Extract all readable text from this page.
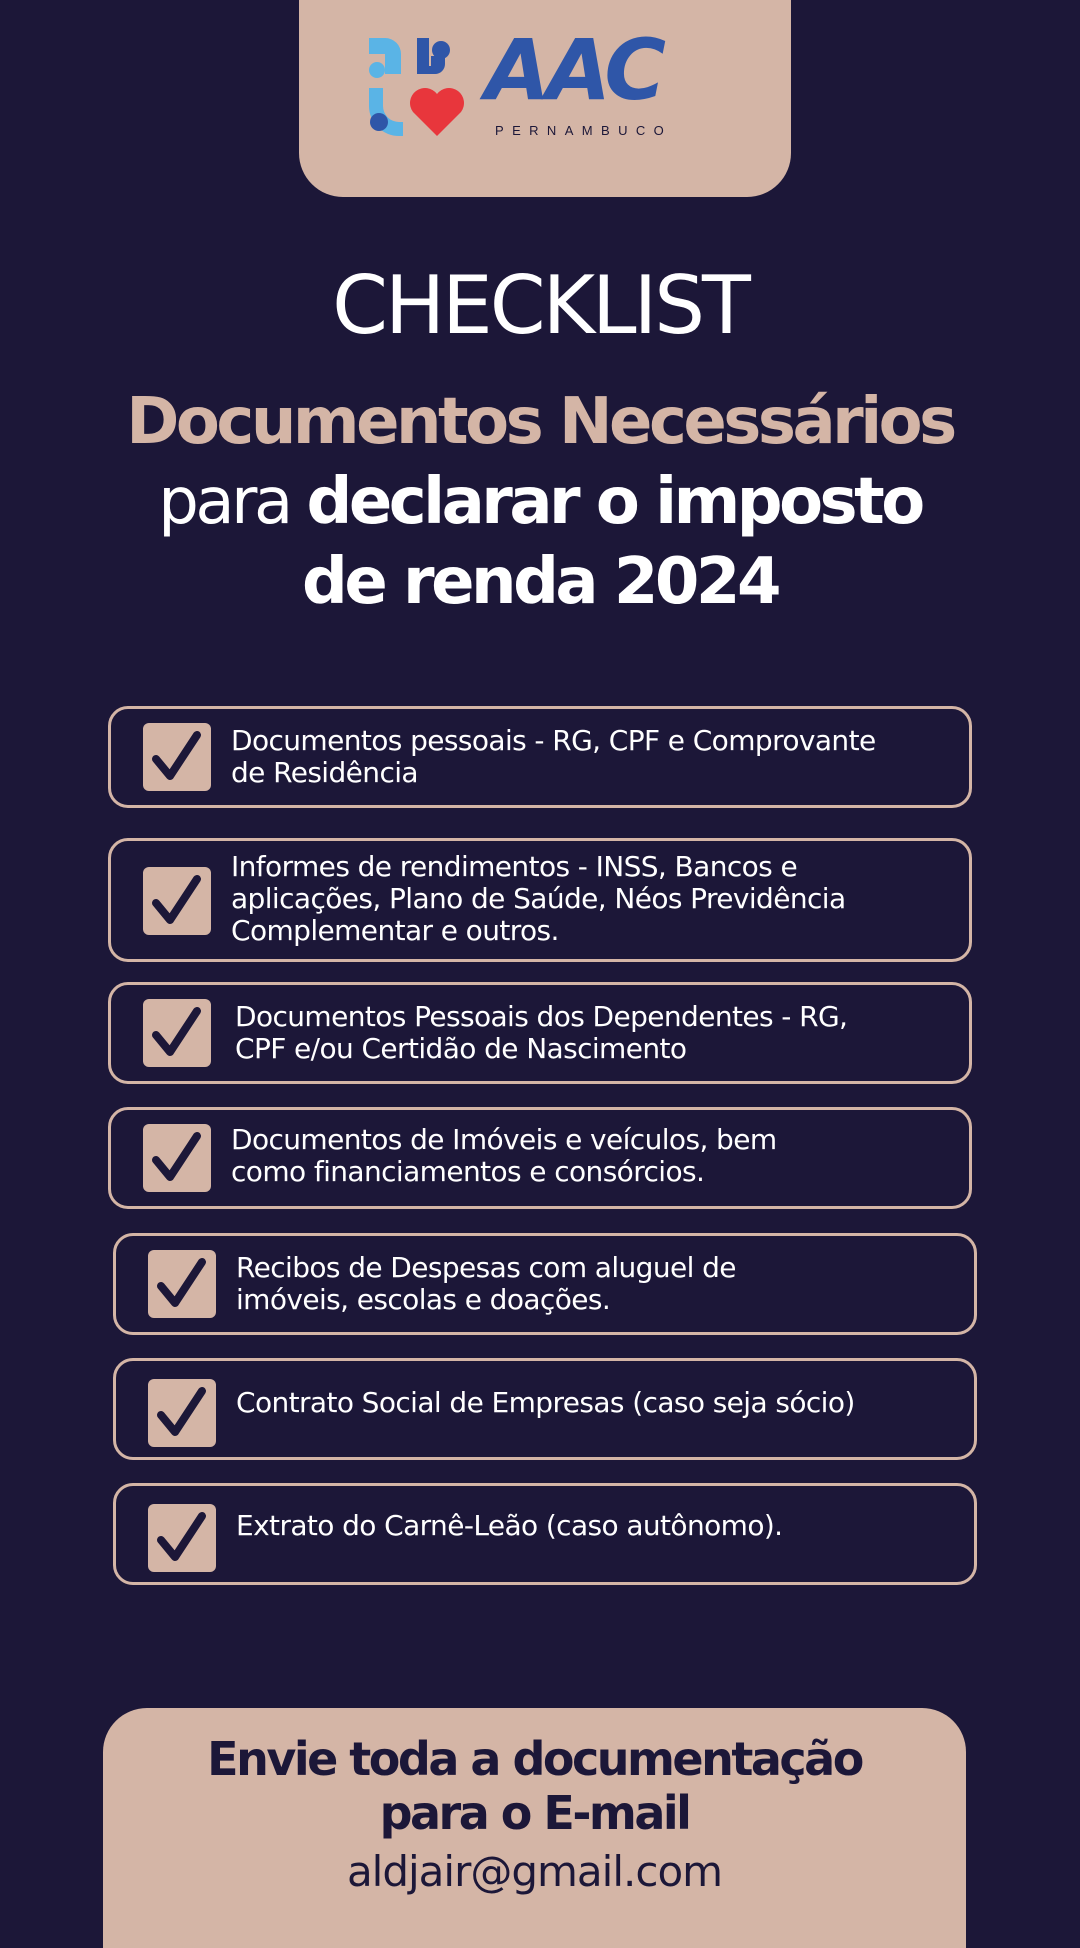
AAC
PERNAMBUCO
CHECKLIST
Documentos Necessários
para declarar o imposto
de renda 2024
Documentos pessoais - RG, CPF e Comprovante
de Residência
Informes de rendimentos - INSS, Bancos e
aplicações, Plano de Saúde, Néos Previdência
Complementar e outros.
Documentos Pessoais dos Dependentes - RG,
CPF e/ou Certidão de Nascimento
Documentos de Imóveis e veículos, bem
como financiamentos e consórcios.
Recibos de Despesas com aluguel de
imóveis, escolas e doações.
Contrato Social de Empresas (caso seja sócio)
Extrato do Carnê-Leão (caso autônomo).
Envie toda a documentação
para o E-mail
aldjair@gmail.com
